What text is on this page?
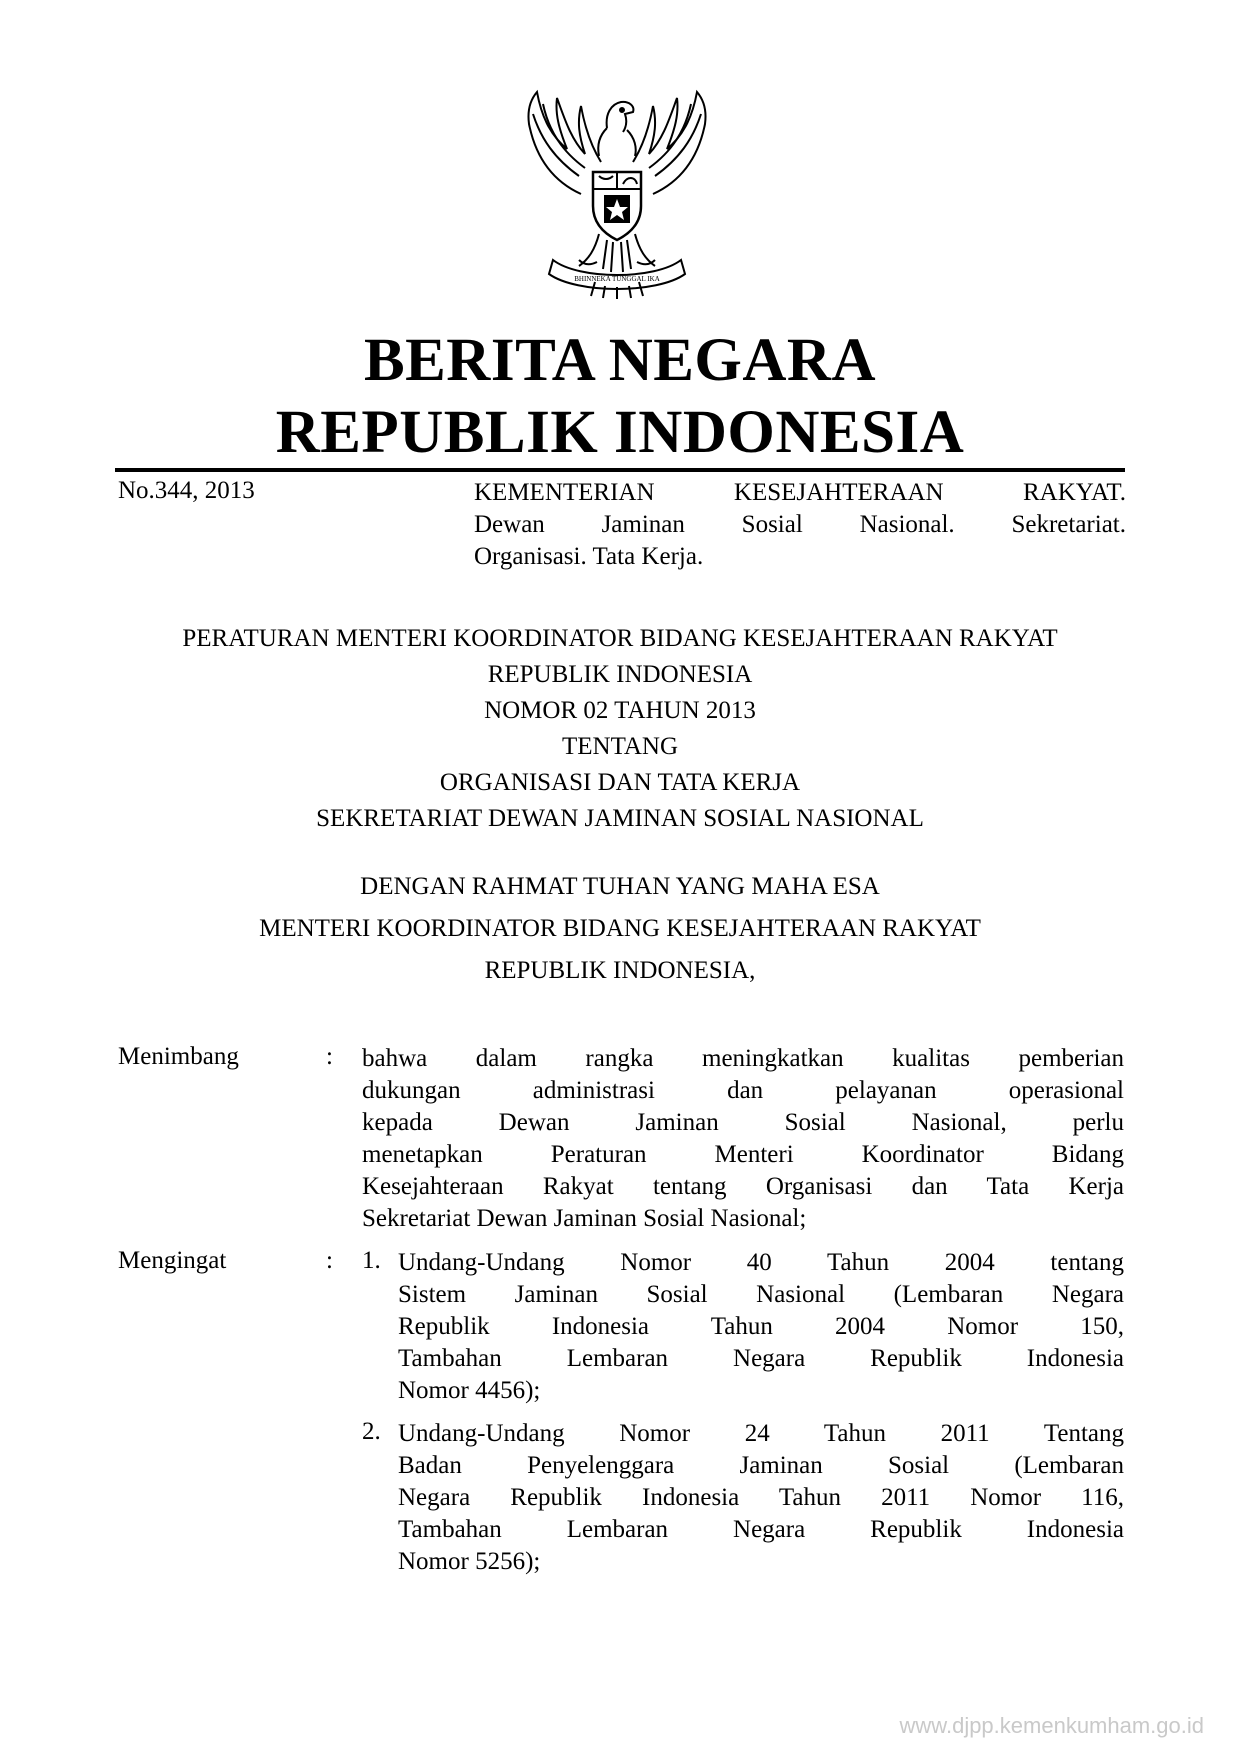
BHINNEKA TUNGGAL IKA
BERITA NEGARA
REPUBLIK INDONESIA
No.344, 2013	KEMENTERIAN KESEJAHTERAAN RAKYAT.
Dewan Jaminan Sosial Nasional. Sekretariat.
Organisasi. Tata Kerja.
PERATURAN MENTERI KOORDINATOR BIDANG KESEJAHTERAAN RAKYAT
REPUBLIK INDONESIA
NOMOR 02 TAHUN 2013
TENTANG
ORGANISASI DAN TATA KERJA
SEKRETARIAT DEWAN JAMINAN SOSIAL NASIONAL
DENGAN RAHMAT TUHAN YANG MAHA ESA
MENTERI KOORDINATOR BIDANG KESEJAHTERAAN RAKYAT
REPUBLIK INDONESIA,
Menimbang	: bahwa dalam rangka meningkatkan kualitas pemberian
dukungan administrasi dan pelayanan operasional
kepada Dewan Jaminan Sosial Nasional, perlu
menetapkan Peraturan Menteri Koordinator Bidang
Kesejahteraan Rakyat tentang Organisasi dan Tata Kerja
Sekretariat Dewan Jaminan Sosial Nasional;
Mengingat	: 1. Undang-Undang Nomor 40 Tahun 2004 tentang
Sistem Jaminan Sosial Nasional (Lembaran Negara
Republik Indonesia Tahun 2004 Nomor 150,
Tambahan Lembaran Negara Republik Indonesia
Nomor 4456);
2. Undang-Undang Nomor 24 Tahun 2011 Tentang
Badan Penyelenggara Jaminan Sosial (Lembaran
Negara Republik Indonesia Tahun 2011 Nomor 116,
Tambahan Lembaran Negara Republik Indonesia
Nomor 5256);
www.djpp.kemenkumham.go.id
